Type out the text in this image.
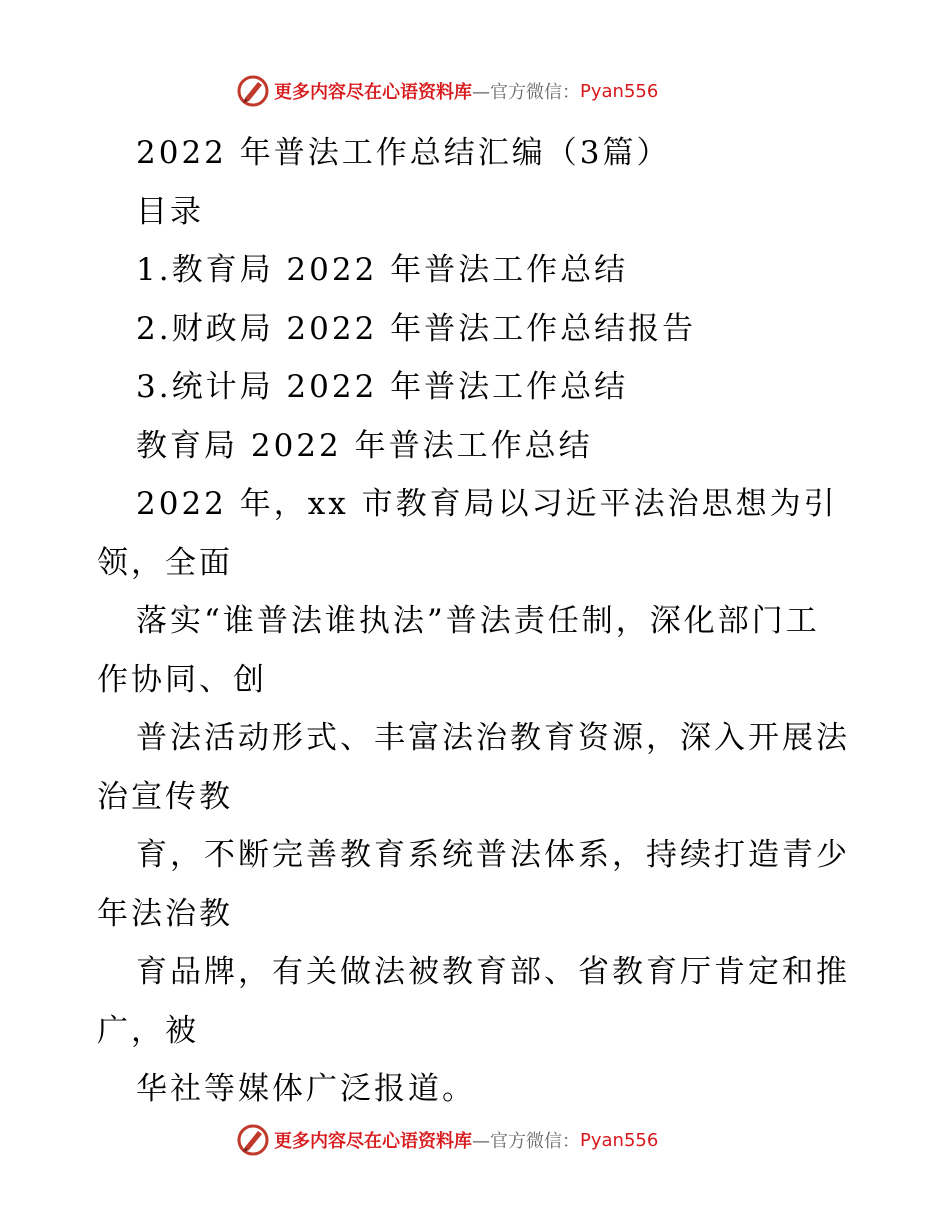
更多内容尽在心语资料库 —官方微信： Pyan556
2022 年普法工作总结汇编（3篇）
目录
1.教育局 2022 年普法工作总结
2.财政局 2022 年普法工作总结报告
3.统计局 2022 年普法工作总结
教育局 2022 年普法工作总结
2022 年，xx 市教育局以习近平法治思想为引
领，全面
落实“谁普法谁执法”普法责任制，深化部门工
作协同、创
普法活动形式、丰富法治教育资源，深入开展法
治宣传教
育，不断完善教育系统普法体系，持续打造青少
年法治教
育品牌，有关做法被教育部、省教育厅肯定和推
广，被
华社等媒体广泛报道。
更多内容尽在心语资料库 —官方微信： Pyan556
